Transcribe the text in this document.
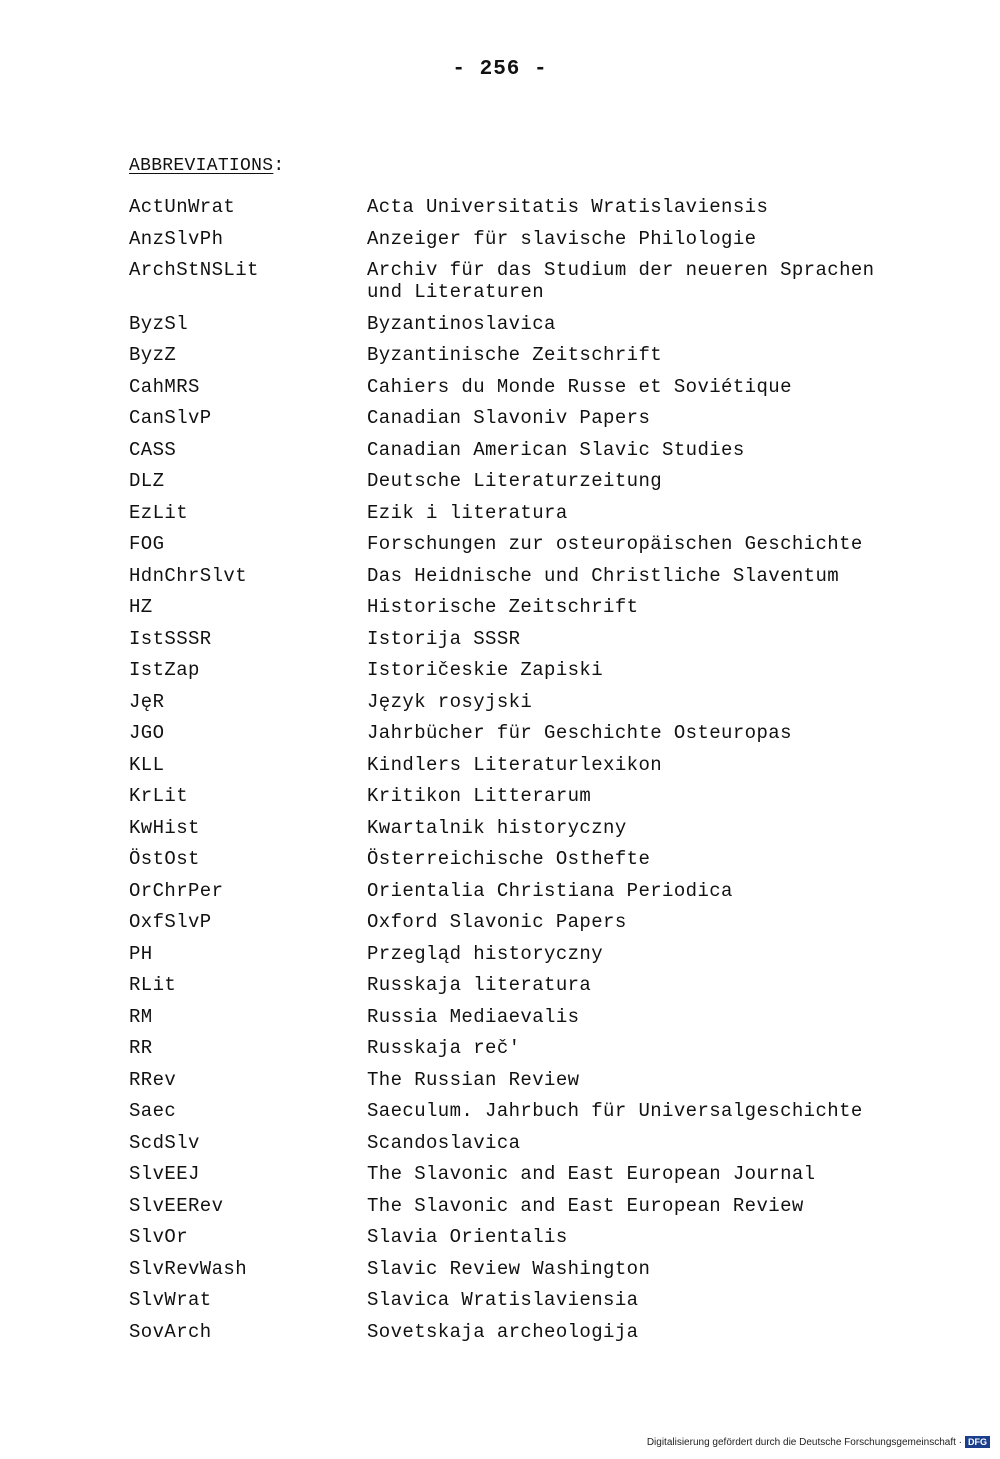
- 256 -
ABBREVIATIONS:
ActUnWrat	Acta Universitatis Wratislaviensis
AnzSlvPh	Anzeiger für slavische Philologie
ArchStNSLit	Archiv für das Studium der neueren Sprachen
und Literaturen
ByzSl	Byzantinoslavica
ByzZ	Byzantinische Zeitschrift
CahMRS	Cahiers du Monde Russe et Soviétique
CanSlvP	Canadian Slavoniv Papers
CASS	Canadian American Slavic Studies
DLZ	Deutsche Literaturzeitung
EzLit	Ezik i literatura
FOG	Forschungen zur osteuropäischen Geschichte
HdnChrSlvt	Das Heidnische und Christliche Slaventum
HZ	Historische Zeitschrift
IstSSSR	Istorija SSSR
IstZap	Istoričeskie Zapiski
JęR	Język rosyjski
JGO	Jahrbücher für Geschichte Osteuropas
KLL	Kindlers Literaturlexikon
KrLit	Kritikon Litterarum
KwHist	Kwartalnik historyczny
ÖstOst	Österreichische Osthefte
OrChrPer	Orientalia Christiana Periodica
OxfSlvP	Oxford Slavonic Papers
PH	Przegląd historyczny
RLit	Russkaja literatura
RM	Russia Mediaevalis
RR	Russkaja reč'
RRev	The Russian Review
Saec	Saeculum. Jahrbuch für Universalgeschichte
ScdSlv	Scandoslavica
SlvEEJ	The Slavonic and East European Journal
SlvEERev	The Slavonic and East European Review
SlvOr	Slavia Orientalis
SlvRevWash	Slavic Review Washington
SlvWrat	Slavica Wratislaviensia
SovArch	Sovetskaja archeologija
Digitalisierung gefördert durch die Deutsche Forschungsgemeinschaft · DFG
